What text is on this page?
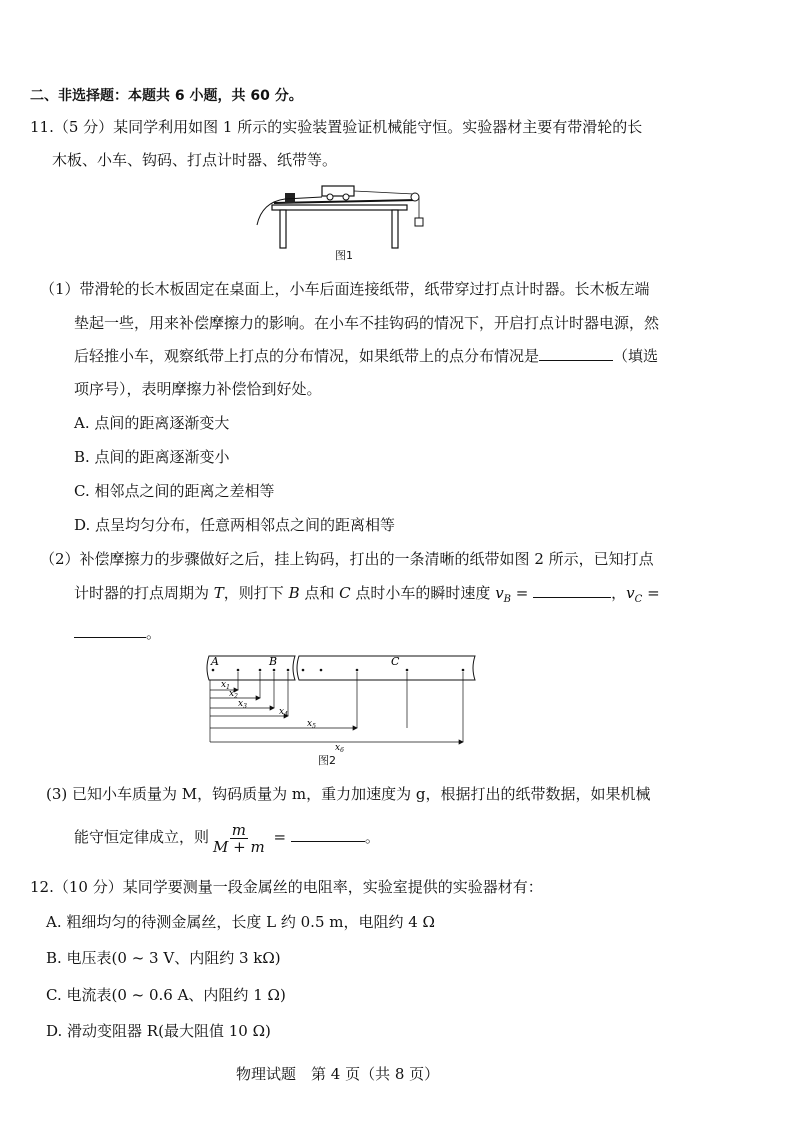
二、非选择题：本题共 6 小题，共 60 分。
11.（5 分）某同学利用如图 1 所示的实验装置验证机械能守恒。实验器材主要有带滑轮的长
木板、小车、钩码、打点计时器、纸带等。
图1
（1）带滑轮的长木板固定在桌面上，小车后面连接纸带，纸带穿过打点计时器。长木板左端
垫起一些，用来补偿摩擦力的影响。在小车不挂钩码的情况下，开启打点计时器电源，然
后轻推小车，观察纸带上打点的分布情况，如果纸带上的点分布情况是	（填选
项序号），表明摩擦力补偿恰到好处。
A. 点间的距离逐渐变大
B. 点间的距离逐渐变小
C. 相邻点之间的距离之差相等
D. 点呈均匀分布，任意两相邻点之间的距离相等
（2）补偿摩擦力的步骤做好之后，挂上钩码，打出的一条清晰的纸带如图 2 所示，已知打点
计时器的打点周期为 T，则打下 B 点和 C 点时小车的瞬时速度 $v_B$ =	，$v_C$ =
。
A	B	C
$x_1$
$x_2$
$x_3$
$x_4$
$x_5$
$x_6$
图2
(3) 已知小车质量为 M，钩码质量为 m，重力加速度为 g，根据打出的纸带数据，如果机械
能守恒定律成立，则 $\frac{m}{M + m}$ =	。
12.（10 分）某同学要测量一段金属丝的电阻率，实验室提供的实验器材有：
A. 粗细均匀的待测金属丝，长度 L 约 0.5 m，电阻约 4 Ω
B. 电压表(0 ~ 3 V、内阻约 3 kΩ)
C. 电流表(0 ~ 0.6 A、内阻约 1 Ω)
D. 滑动变阻器 R(最大阻值 10 Ω)
物理试题　第 4 页（共 8 页）
